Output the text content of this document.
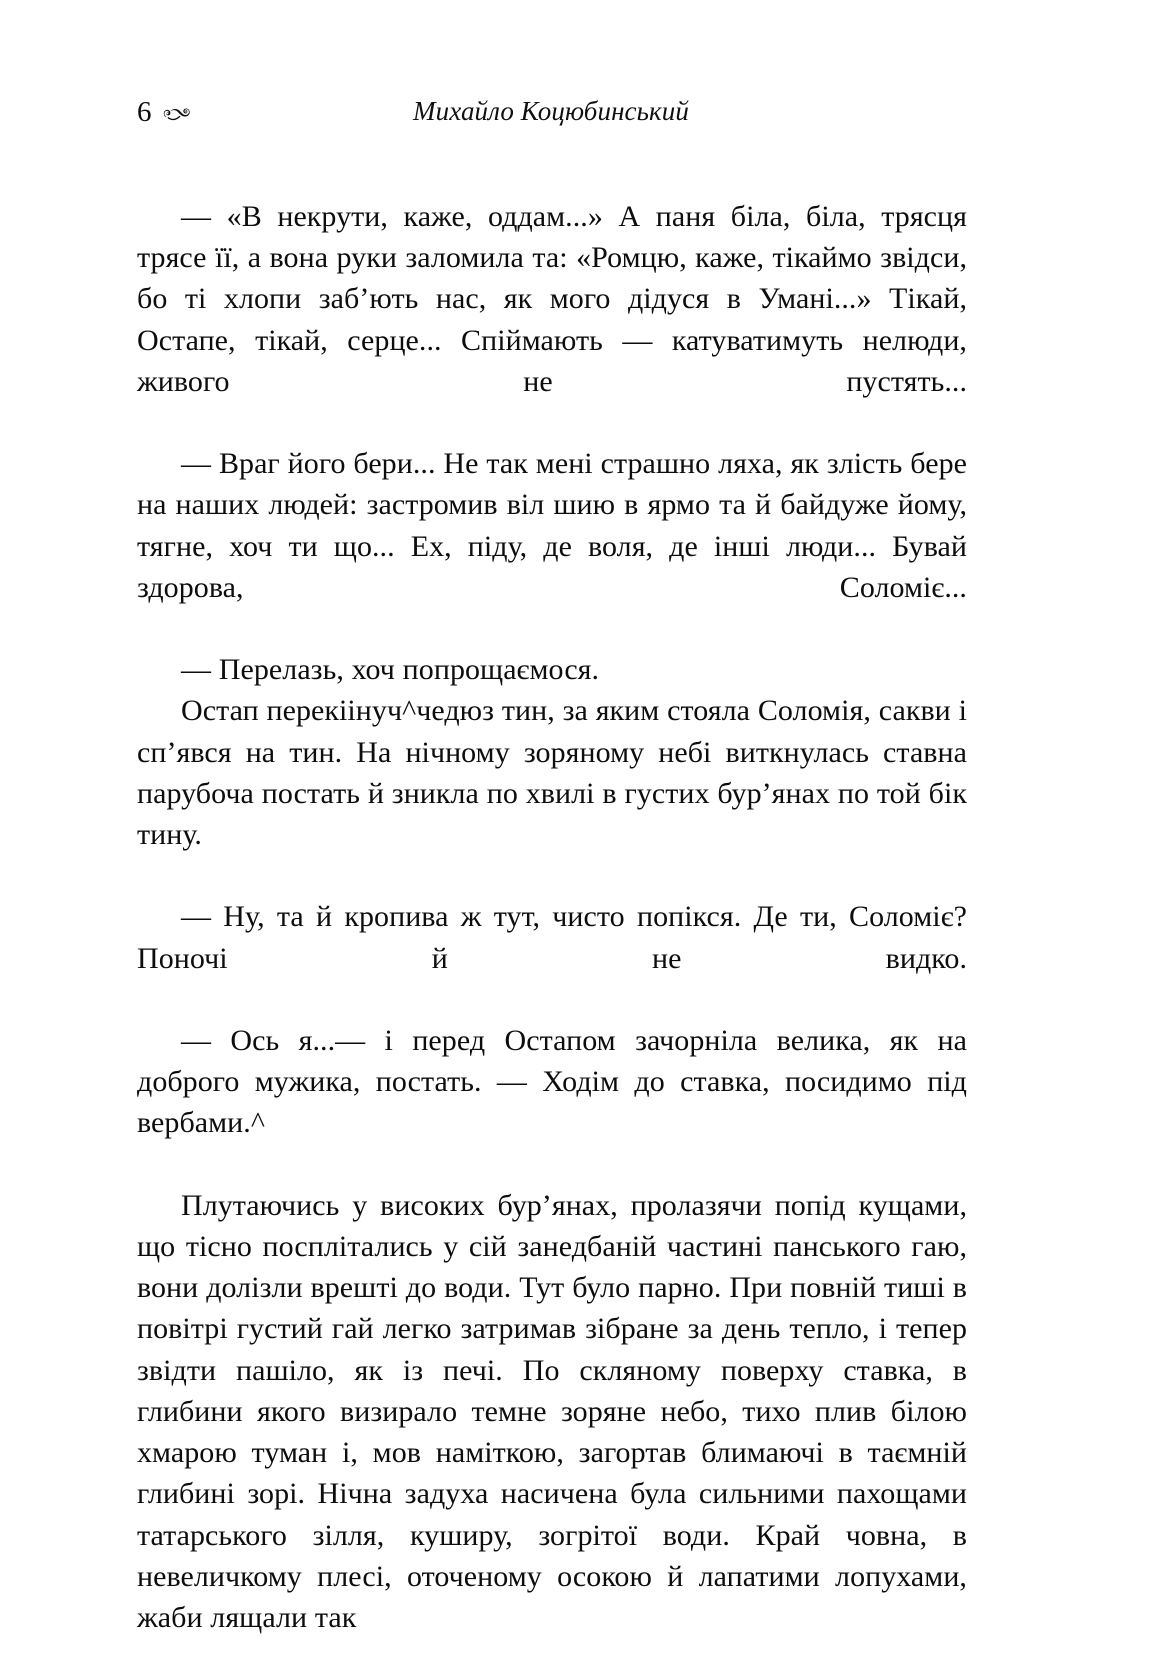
6	Михайло Коцюбинський

— «В некрути, каже, оддам...» А паня біла, біла, трясця трясе її, а вона руки заломила та: «Ромцю, каже, тікаймо звідси, бо ті хлопи заб’ють нас, як мого дідуся в Умані...» Тікай, Остапе, тікай, серце... Спіймають — катуватимуть нелюди, живого не пустять...

— Враг його бери... Не так мені страшно ляха, як злість бере на наших людей: застромив віл шию в ярмо та й байдуже йому, тягне, хоч ти що... Ех, піду, де воля, де інші люди... Бувай здорова, Соломіє...

— Перелазь, хоч попрощаємося.

Остап перекіінуч^чедюз тин, за яким стояла Соломія, сакви і сп’явся на тин. На нічному зоряному небі виткнулась ставна парубоча постать й зникла по хвилі в густих бур’янах по той бік тину.

— Ну, та й кропива ж тут, чисто попікся. Де ти, Соломіє? Поночі й не видко.

— Ось я...— і перед Остапом зачорніла велика, як на доброго мужика, постать. — Ходім до ставка, посидимо під вербами.^

Плутаючись у високих бур’янах, пролазячи попід кущами, що тісно посплітались у сій занедбаній частині панського гаю, вони долізли врешті до води. Тут було парно. При повній тиші в повітрі густий гай легко затримав зібране за день тепло, і тепер звідти пашіло, як із печі. По скляному поверху ставка, в глибини якого визирало темне зоряне небо, тихо плив білою хмарою туман і, мов наміткою, загортав блимаючі в таємній глибині зорі. Нічна задуха насичена була сильними пахощами татарського зілля, куширу, зогрітої води. Край човна, в невеличкому плесі, оточеному осокою й лапатими лопухами, жаби лящали так
